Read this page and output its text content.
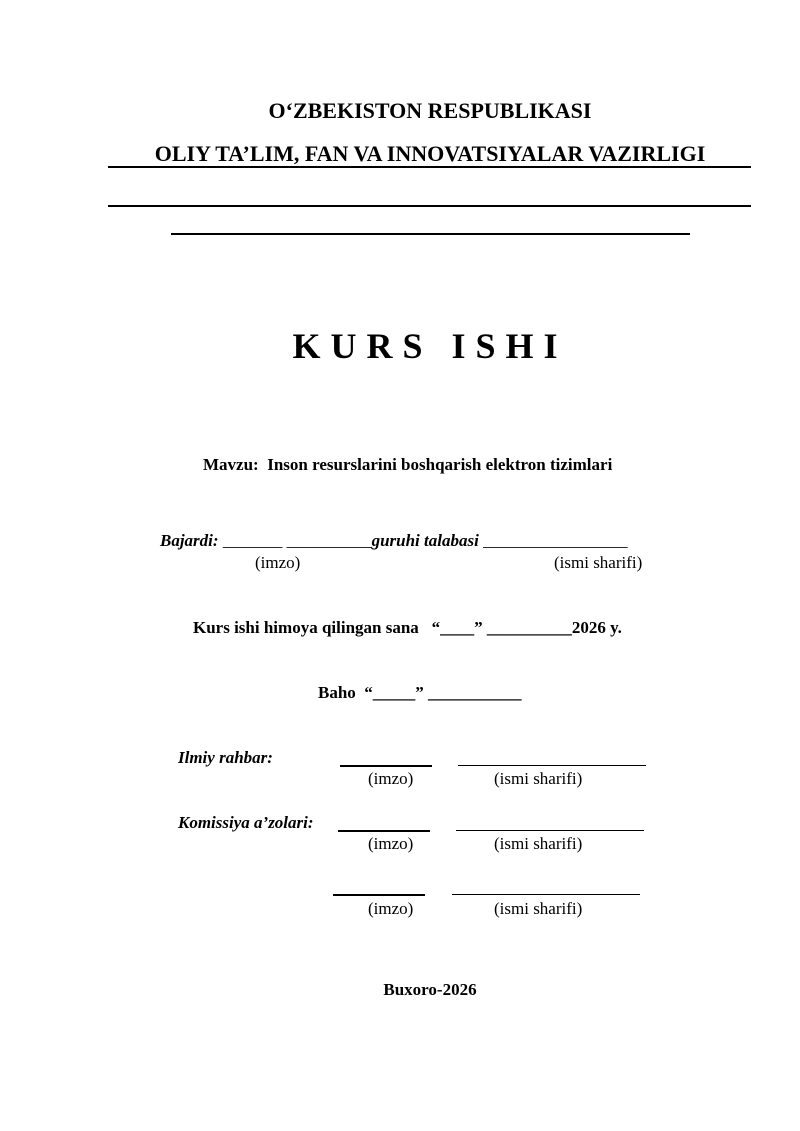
O‘ZBEKISTON RESPUBLIKASI
OLIY TA’LIM, FAN VA INNOVATSIYALAR VAZIRLIGI
KURS ISHI
Mavzu: Inson resurslarini boshqarish elektron tizimlari
Bajardi: _______ __________guruhi talabasi _________________
(imzo)	(ismi sharifi)
Kurs ishi himoya qilingan sana “____” __________2026 y.
Baho “_____” ___________
Ilmiy rahbar:
(imzo)	(ismi sharifi)
Komissiya a’zolari:
(imzo)	(ismi sharifi)
(imzo)	(ismi sharifi)
Buxoro-2026
